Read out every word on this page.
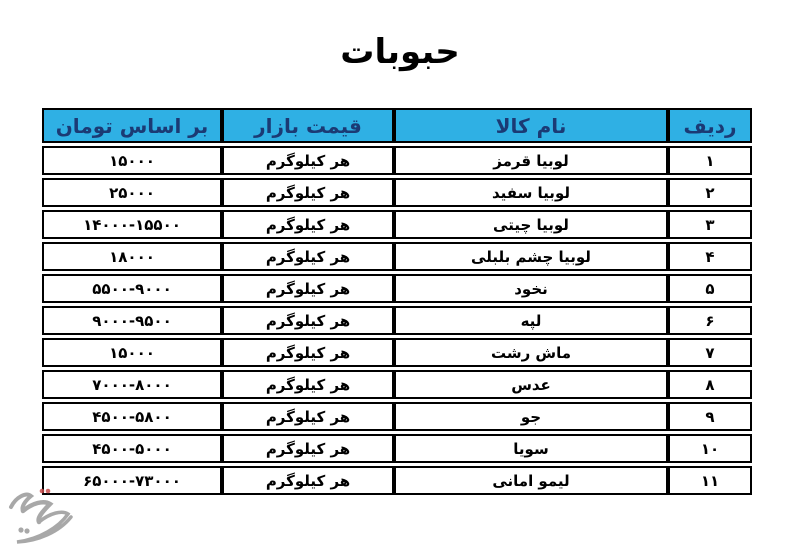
حبوبات
ردیف	نام کالا	قیمت بازار	بر اساس تومان
۱	لوبیا قرمز	هر کیلوگرم	۱۵۰۰۰
۲	لوبیا سفید	هر کیلوگرم	۲۵۰۰۰
۳	لوبیا چیتی	هر کیلوگرم	۱۴۰۰۰-۱۵۵۰۰
۴	لوبیا چشم بلبلی	هر کیلوگرم	۱۸۰۰۰
۵	نخود	هر کیلوگرم	۵۵۰۰-۹۰۰۰
۶	لپه	هر کیلوگرم	۹۰۰۰-۹۵۰۰
۷	ماش رشت	هر کیلوگرم	۱۵۰۰۰
۸	عدس	هر کیلوگرم	۷۰۰۰-۸۰۰۰
۹	جو	هر کیلوگرم	۴۵۰۰-۵۸۰۰
۱۰	سویا	هر کیلوگرم	۴۵۰۰-۵۰۰۰
۱۱	لیمو امانی	هر کیلوگرم	۶۵۰۰۰-۷۳۰۰۰
